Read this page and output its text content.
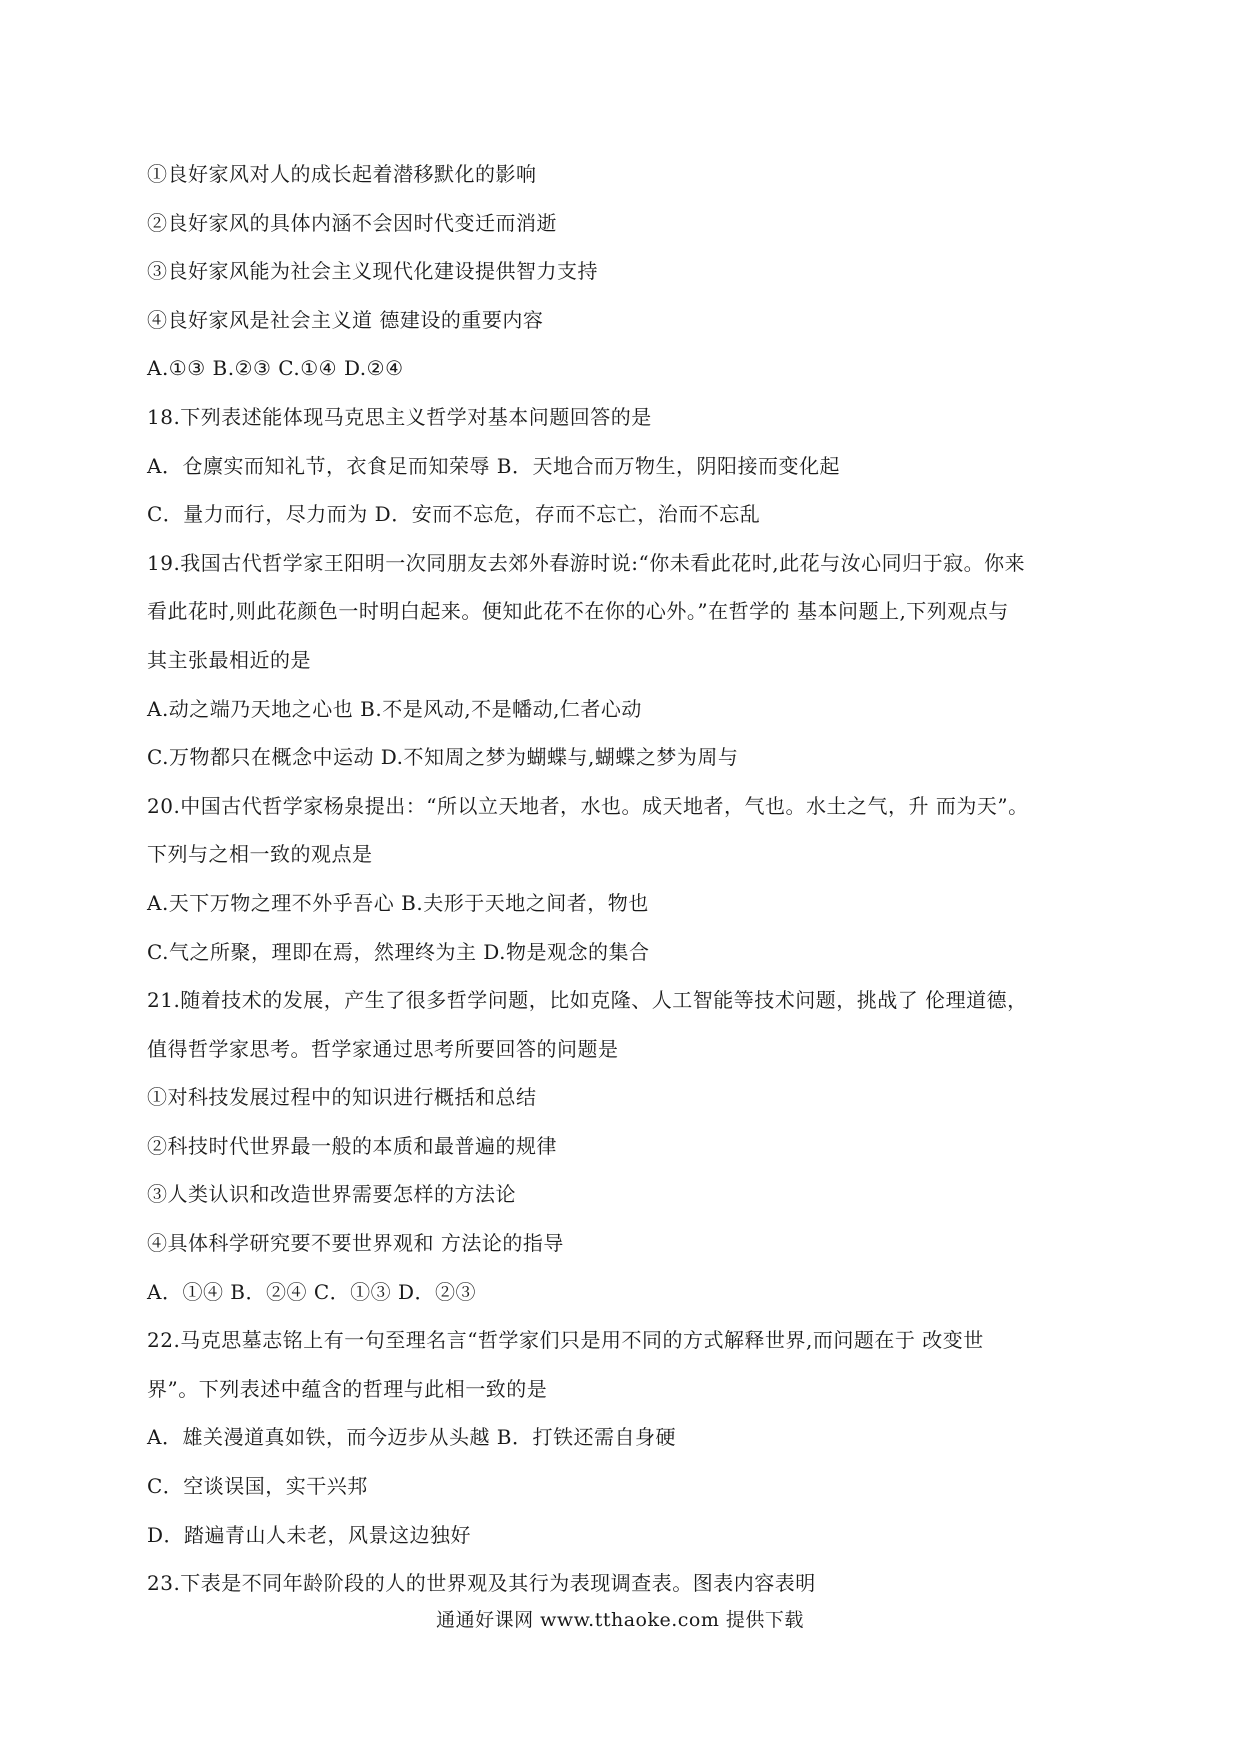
①良好家风对人的成长起着潜移默化的影响
②良好家风的具体内涵不会因时代变迁而消逝
③良好家风能为社会主义现代化建设提供智力支持
④良好家风是社会主义道 德建设的重要内容
A.①③ B.②③ C.①④ D.②④
18.下列表述能体现马克思主义哲学对基本问题回答的是
A．仓廪实而知礼节，衣食足而知荣辱 B．天地合而万物生，阴阳接而变化起
C．量力而行，尽力而为 D．安而不忘危，存而不忘亡，治而不忘乱
19.我国古代哲学家王阳明一次同朋友去郊外春游时说:“你未看此花时,此花与汝心同归于寂。你来
看此花时,则此花颜色一时明白起来。便知此花不在你的心外。”在哲学的 基本问题上,下列观点与
其主张最相近的是
A.动之端乃天地之心也 B.不是风动,不是幡动,仁者心动
C.万物都只在概念中运动 D.不知周之梦为蝴蝶与,蝴蝶之梦为周与
20.中国古代哲学家杨泉提出：“所以立天地者，水也。成天地者，气也。水土之气，升 而为天”。
下列与之相一致的观点是
A.天下万物之理不外乎吾心 B.夫形于天地之间者，物也
C.气之所聚，理即在焉，然理终为主 D.物是观念的集合
21.随着技术的发展，产生了很多哲学问题，比如克隆、人工智能等技术问题，挑战了 伦理道德，
值得哲学家思考。哲学家通过思考所要回答的问题是
①对科技发展过程中的知识进行概括和总结
②科技时代世界最一般的本质和最普遍的规律
③人类认识和改造世界需要怎样的方法论
④具体科学研究要不要世界观和 方法论的指导
A．①④ B．②④ C．①③ D．②③
22.马克思墓志铭上有一句至理名言“哲学家们只是用不同的方式解释世界,而问题在于 改变世
界”。下列表述中蕴含的哲理与此相一致的是
A．雄关漫道真如铁，而今迈步从头越 B．打铁还需自身硬
C．空谈误国，实干兴邦
D．踏遍青山人未老，风景这边独好
23.下表是不同年龄阶段的人的世界观及其行为表现调查表。图表内容表明
通通好课网 www.tthaoke.com 提供下载
